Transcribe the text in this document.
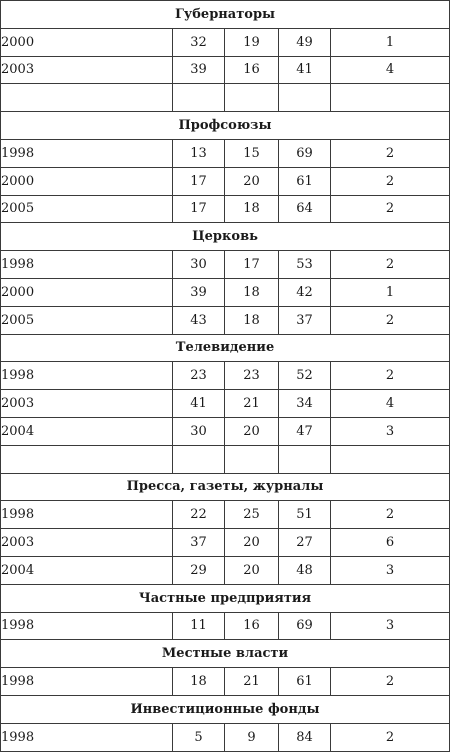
Губернаторы				
2000	32	19	49	1
2003	39	16	41	4

Профсоюзы				
1998	13	15	69	2
2000	17	20	61	2
2005	17	18	64	2
Церковь				
1998	30	17	53	2
2000	39	18	42	1
2005	43	18	37	2
Телевидение				
1998	23	23	52	2
2003	41	21	34	4
2004	30	20	47	3

Пресса, газеты, журналы				
1998	22	25	51	2
2003	37	20	27	6
2004	29	20	48	3
Частные предприятия				
1998	11	16	69	3
Местные власти				
1998	18	21	61	2
Инвестиционные фонды				
1998	5	9	84	2
